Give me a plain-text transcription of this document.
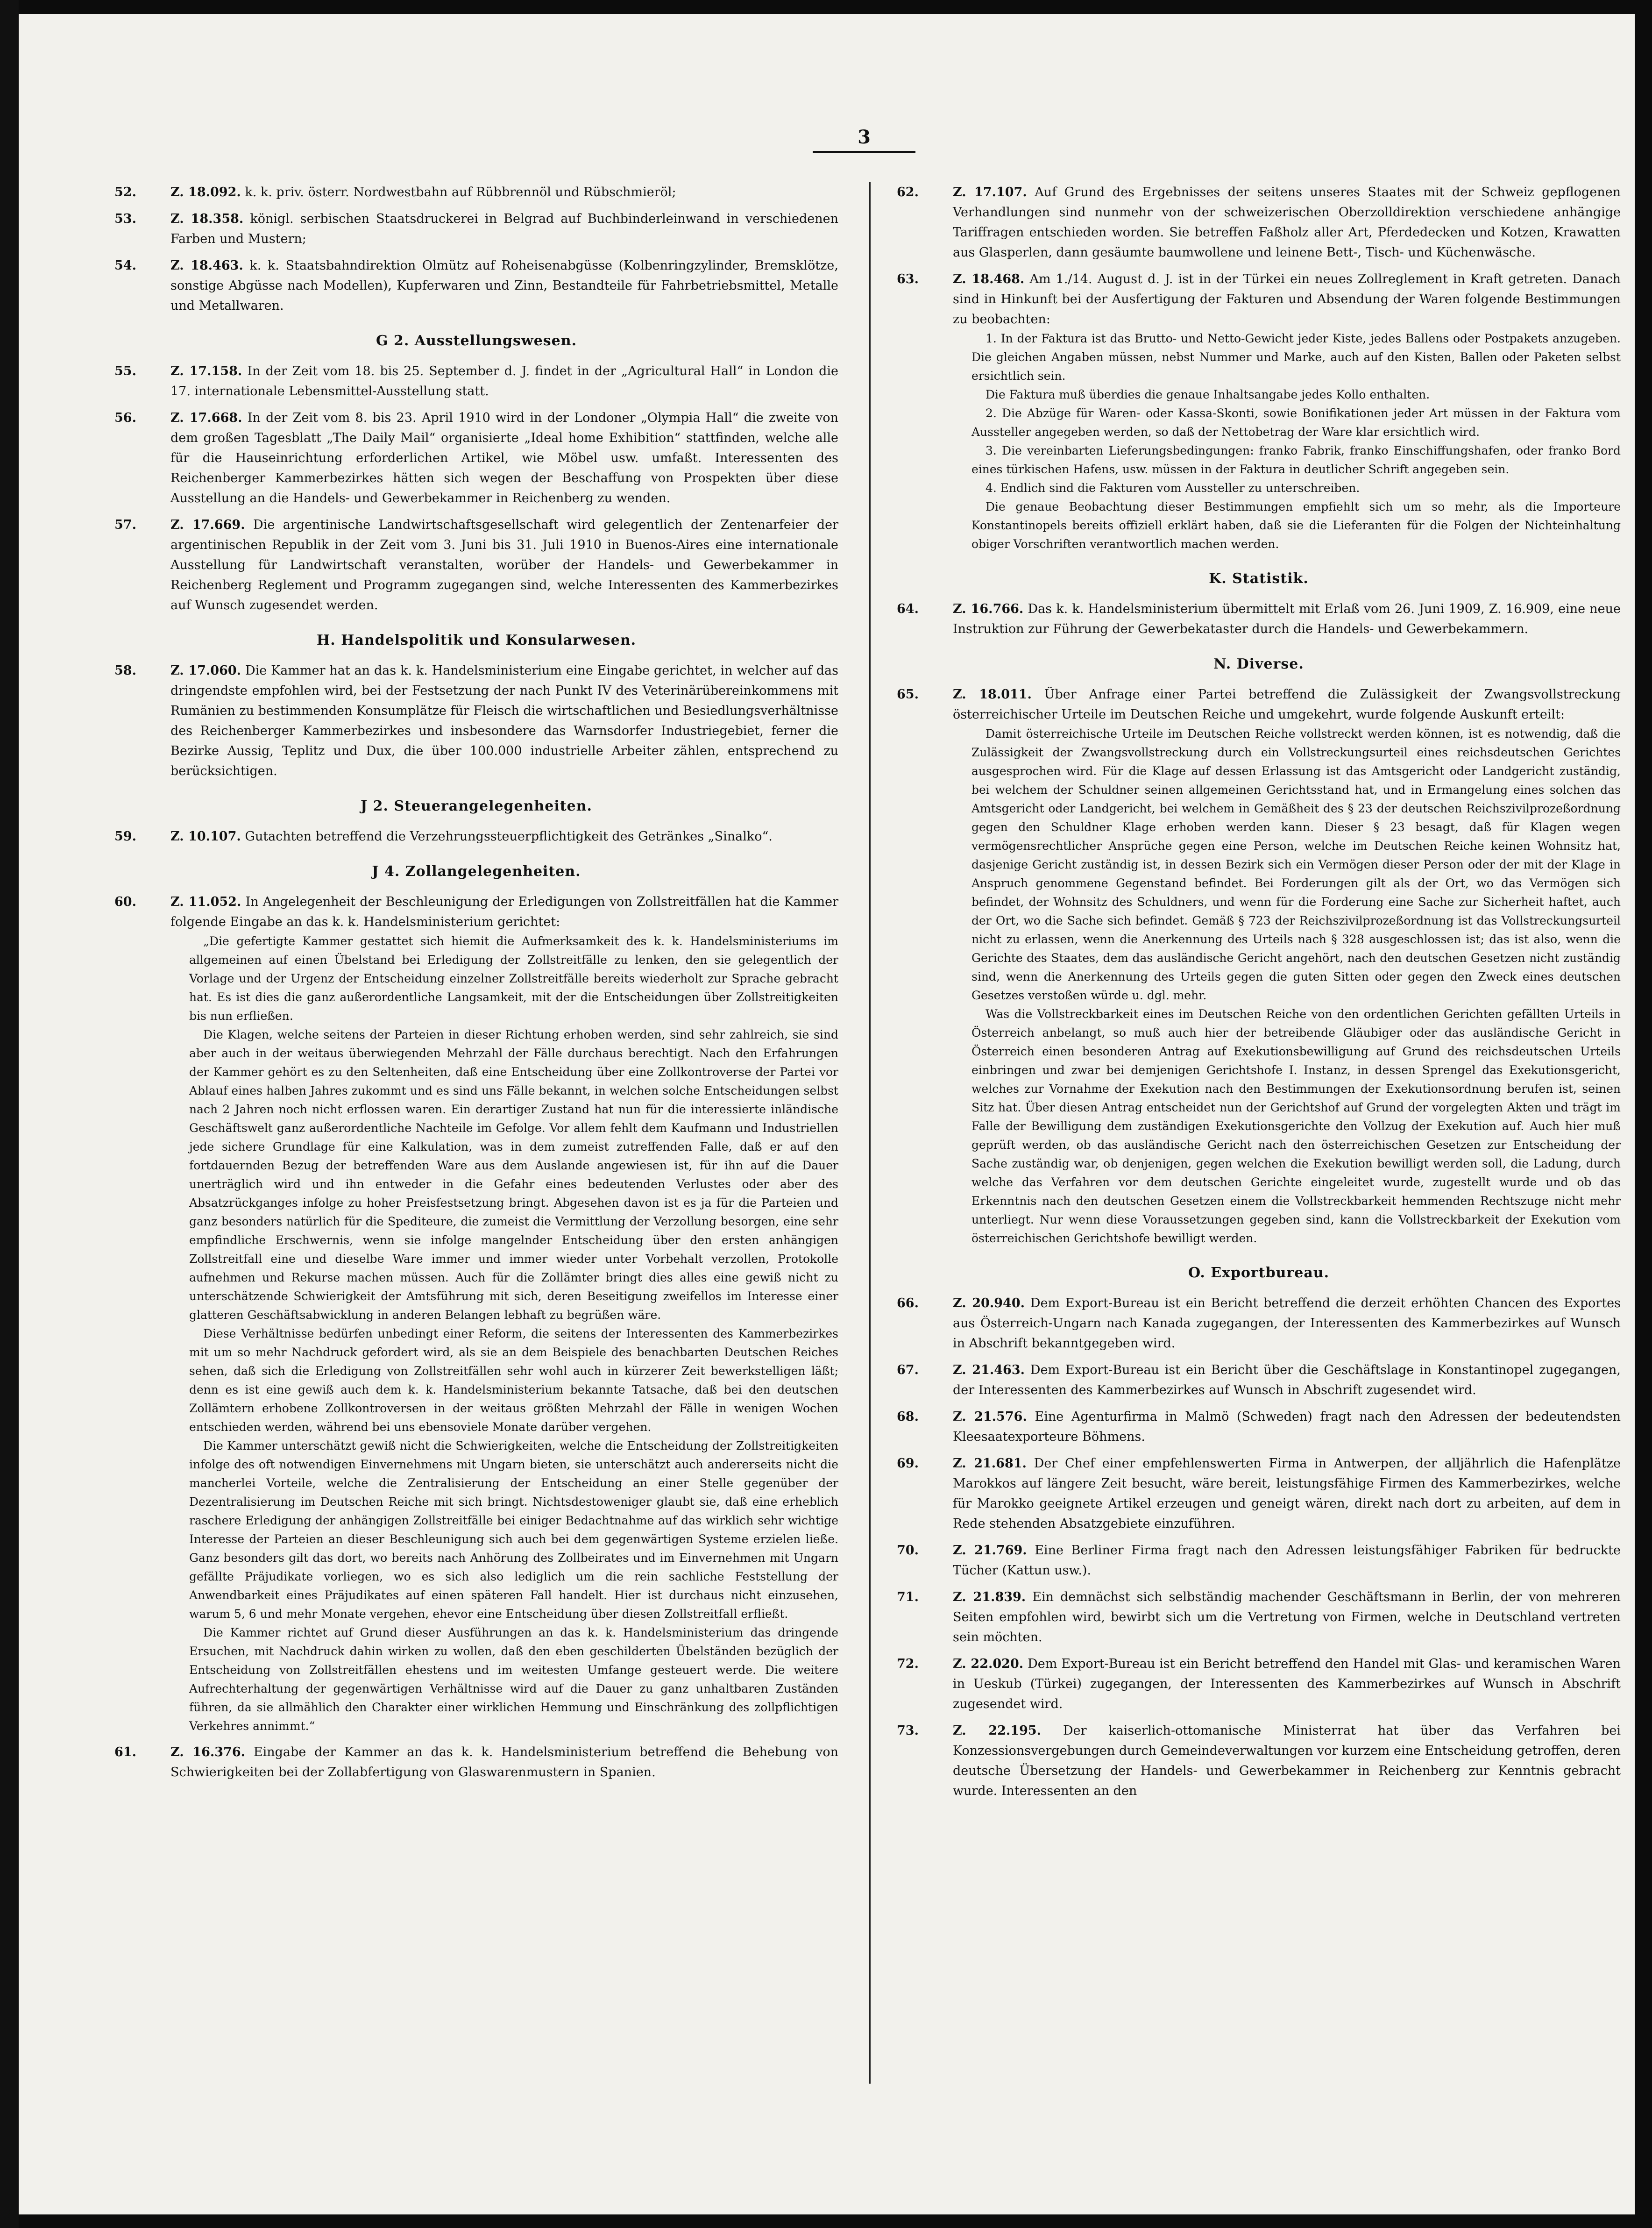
3
52.	Z. 18.092. k. k. priv. österr. Nordwestbahn auf Rübbrennöl und Rübschmieröl;

53.	Z. 18.358. königl. serbischen Staatsdruckerei in Belgrad auf Buchbinderleinwand in verschiedenen Farben und Mustern;

54.	Z. 18.463. k. k. Staatsbahndirektion Olmütz auf Roheisenabgüsse (Kolbenringzylinder, Bremsklötze, sonstige Abgüsse nach Modellen), Kupferwaren und Zinn, Bestandteile für Fahrbetriebsmittel, Metalle und Metallwaren.

G 2. Ausstellungswesen.
55.	Z. 17.158. In der Zeit vom 18. bis 25. September d. J. findet in der „Agricultural Hall“ in London die 17. internationale Lebensmittel-Ausstellung statt.

56.	Z. 17.668. In der Zeit vom 8. bis 23. April 1910 wird in der Londoner „Olympia Hall“ die zweite von dem großen Tagesblatt „The Daily Mail“ organisierte „Ideal home Exhibition“ stattfinden, welche alle für die Hauseinrichtung erforderlichen Artikel, wie Möbel usw. umfaßt. Interessenten des Reichenberger Kammerbezirkes hätten sich wegen der Beschaffung von Prospekten über diese Ausstellung an die Handels- und Gewerbekammer in Reichenberg zu wenden.

57.	Z. 17.669. Die argentinische Landwirtschaftsgesellschaft wird gelegentlich der Zentenarfeier der argentinischen Republik in der Zeit vom 3. Juni bis 31. Juli 1910 in Buenos-Aires eine internationale Ausstellung für Landwirtschaft veranstalten, worüber der Handels- und Gewerbekammer in Reichenberg Reglement und Programm zugegangen sind, welche Interessenten des Kammerbezirkes auf Wunsch zugesendet werden.

H. Handelspolitik und Konsularwesen.
58.	Z. 17.060. Die Kammer hat an das k. k. Handelsministerium eine Eingabe gerichtet, in welcher auf das dringendste empfohlen wird, bei der Festsetzung der nach Punkt IV des Veterinärübereinkommens mit Rumänien zu bestimmenden Konsumplätze für Fleisch die wirtschaftlichen und Besiedlungsverhältnisse des Reichenberger Kammerbezirkes und insbesondere das Warnsdorfer Industriegebiet, ferner die Bezirke Aussig, Teplitz und Dux, die über 100.000 industrielle Arbeiter zählen, entsprechend zu berücksichtigen.

J 2. Steuerangelegenheiten.
59.	Z. 10.107. Gutachten betreffend die Verzehrungssteuerpflichtigkeit des Getränkes „Sinalko“.

J 4. Zollangelegenheiten.
60.	Z. 11.052. In Angelegenheit der Beschleunigung der Erledigungen von Zollstreitfällen hat die Kammer folgende Eingabe an das k. k. Handelsministerium gerichtet:

„Die gefertigte Kammer gestattet sich hiemit die Aufmerksamkeit des k. k. Handelsministeriums im allgemeinen auf einen Übelstand bei Erledigung der Zollstreitfälle zu lenken, den sie gelegentlich der Vorlage und der Urgenz der Entscheidung einzelner Zollstreitfälle bereits wiederholt zur Sprache gebracht hat. Es ist dies die ganz außerordentliche Langsamkeit, mit der die Entscheidungen über Zollstreitigkeiten bis nun erfließen.

Die Klagen, welche seitens der Parteien in dieser Richtung erhoben werden, sind sehr zahlreich, sie sind aber auch in der weitaus überwiegenden Mehrzahl der Fälle durchaus berechtigt. Nach den Erfahrungen der Kammer gehört es zu den Seltenheiten, daß eine Entscheidung über eine Zollkontroverse der Partei vor Ablauf eines halben Jahres zukommt und es sind uns Fälle bekannt, in welchen solche Entscheidungen selbst nach 2 Jahren noch nicht erflossen waren. Ein derartiger Zustand hat nun für die interessierte inländische Geschäftswelt ganz außerordentliche Nachteile im Gefolge. Vor allem fehlt dem Kaufmann und Industriellen jede sichere Grundlage für eine Kalkulation, was in dem zumeist zutreffenden Falle, daß er auf den fortdauernden Bezug der betreffenden Ware aus dem Auslande angewiesen ist, für ihn auf die Dauer unerträglich wird und ihn entweder in die Gefahr eines bedeutenden Verlustes oder aber des Absatzrückganges infolge zu hoher Preisfestsetzung bringt. Abgesehen davon ist es ja für die Parteien und ganz besonders natürlich für die Spediteure, die zumeist die Vermittlung der Verzollung besorgen, eine sehr empfindliche Erschwernis, wenn sie infolge mangelnder Entscheidung über den ersten anhängigen Zollstreitfall eine und dieselbe Ware immer und immer wieder unter Vorbehalt verzollen, Protokolle aufnehmen und Rekurse machen müssen. Auch für die Zollämter bringt dies alles eine gewiß nicht zu unterschätzende Schwierigkeit der Amtsführung mit sich, deren Beseitigung zweifellos im Interesse einer glatteren Geschäftsabwicklung in anderen Belangen lebhaft zu begrüßen wäre.

Diese Verhältnisse bedürfen unbedingt einer Reform, die seitens der Interessenten des Kammerbezirkes mit um so mehr Nachdruck gefordert wird, als sie an dem Beispiele des benachbarten Deutschen Reiches sehen, daß sich die Erledigung von Zollstreitfällen sehr wohl auch in kürzerer Zeit bewerkstelligen läßt; denn es ist eine gewiß auch dem k. k. Handelsministerium bekannte Tatsache, daß bei den deutschen Zollämtern erhobene Zollkontroversen in der weitaus größten Mehrzahl der Fälle in wenigen Wochen entschieden werden, während bei uns ebensoviele Monate darüber vergehen.

Die Kammer unterschätzt gewiß nicht die Schwierigkeiten, welche die Entscheidung der Zollstreitigkeiten infolge des oft notwendigen Einvernehmens mit Ungarn bieten, sie unterschätzt auch andererseits nicht die mancherlei Vorteile, welche die Zentralisierung der Entscheidung an einer Stelle gegenüber der Dezentralisierung im Deutschen Reiche mit sich bringt. Nichtsdestoweniger glaubt sie, daß eine erheblich raschere Erledigung der anhängigen Zollstreitfälle bei einiger Bedachtnahme auf das wirklich sehr wichtige Interesse der Parteien an dieser Beschleunigung sich auch bei dem gegenwärtigen Systeme erzielen ließe. Ganz besonders gilt das dort, wo bereits nach Anhörung des Zollbeirates und im Einvernehmen mit Ungarn gefällte Präjudikate vorliegen, wo es sich also lediglich um die rein sachliche Feststellung der Anwendbarkeit eines Präjudikates auf einen späteren Fall handelt. Hier ist durchaus nicht einzusehen, warum 5, 6 und mehr Monate vergehen, ehevor eine Entscheidung über diesen Zollstreitfall erfließt.

Die Kammer richtet auf Grund dieser Ausführungen an das k. k. Handelsministerium das dringende Ersuchen, mit Nachdruck dahin wirken zu wollen, daß den eben geschilderten Übelständen bezüglich der Entscheidung von Zollstreitfällen ehestens und im weitesten Umfange gesteuert werde. Die weitere Aufrechterhaltung der gegenwärtigen Verhältnisse wird auf die Dauer zu ganz unhaltbaren Zuständen führen, da sie allmählich den Charakter einer wirklichen Hemmung und Einschränkung des zollpflichtigen Verkehres annimmt.“

61.	Z. 16.376. Eingabe der Kammer an das k. k. Handelsministerium betreffend die Behebung von Schwierigkeiten bei der Zollabfertigung von Glaswarenmustern in Spanien.

62.	Z. 17.107. Auf Grund des Ergebnisses der seitens unseres Staates mit der Schweiz gepflogenen Verhandlungen sind nunmehr von der schweizerischen Oberzolldirektion verschiedene anhängige Tariffragen entschieden worden. Sie betreffen Faßholz aller Art, Pferdedecken und Kotzen, Krawatten aus Glasperlen, dann gesäumte baumwollene und leinene Bett-, Tisch- und Küchenwäsche.

63.	Z. 18.468. Am 1./14. August d. J. ist in der Türkei ein neues Zollreglement in Kraft getreten. Danach sind in Hinkunft bei der Ausfertigung der Fakturen und Absendung der Waren folgende Bestimmungen zu beobachten:

1. In der Faktura ist das Brutto- und Netto-Gewicht jeder Kiste, jedes Ballens oder Postpakets anzugeben. Die gleichen Angaben müssen, nebst Nummer und Marke, auch auf den Kisten, Ballen oder Paketen selbst ersichtlich sein.

Die Faktura muß überdies die genaue Inhaltsangabe jedes Kollo enthalten.

2. Die Abzüge für Waren- oder Kassa-Skonti, sowie Bonifikationen jeder Art müssen in der Faktura vom Aussteller angegeben werden, so daß der Nettobetrag der Ware klar ersichtlich wird.

3. Die vereinbarten Lieferungsbedingungen: franko Fabrik, franko Einschiffungshafen, oder franko Bord eines türkischen Hafens, usw. müssen in der Faktura in deutlicher Schrift angegeben sein.

4. Endlich sind die Fakturen vom Aussteller zu unterschreiben.

Die genaue Beobachtung dieser Bestimmungen empfiehlt sich um so mehr, als die Importeure Konstantinopels bereits offiziell erklärt haben, daß sie die Lieferanten für die Folgen der Nichteinhaltung obiger Vorschriften verantwortlich machen werden.

K. Statistik.
64.	Z. 16.766. Das k. k. Handelsministerium übermittelt mit Erlaß vom 26. Juni 1909, Z. 16.909, eine neue Instruktion zur Führung der Gewerbekataster durch die Handels- und Gewerbekammern.

N. Diverse.
65.	Z. 18.011. Über Anfrage einer Partei betreffend die Zulässigkeit der Zwangsvollstreckung österreichischer Urteile im Deutschen Reiche und umgekehrt, wurde folgende Auskunft erteilt:

Damit österreichische Urteile im Deutschen Reiche vollstreckt werden können, ist es notwendig, daß die Zulässigkeit der Zwangsvollstreckung durch ein Vollstreckungsurteil eines reichsdeutschen Gerichtes ausgesprochen wird. Für die Klage auf dessen Erlassung ist das Amtsgericht oder Landgericht zuständig, bei welchem der Schuldner seinen allgemeinen Gerichtsstand hat, und in Ermangelung eines solchen das Amtsgericht oder Landgericht, bei welchem in Gemäßheit des § 23 der deutschen Reichszivilprozeßordnung gegen den Schuldner Klage erhoben werden kann. Dieser § 23 besagt, daß für Klagen wegen vermögensrechtlicher Ansprüche gegen eine Person, welche im Deutschen Reiche keinen Wohnsitz hat, dasjenige Gericht zuständig ist, in dessen Bezirk sich ein Vermögen dieser Person oder der mit der Klage in Anspruch genommene Gegenstand befindet. Bei Forderungen gilt als der Ort, wo das Vermögen sich befindet, der Wohnsitz des Schuldners, und wenn für die Forderung eine Sache zur Sicherheit haftet, auch der Ort, wo die Sache sich befindet. Gemäß § 723 der Reichszivilprozeßordnung ist das Vollstreckungsurteil nicht zu erlassen, wenn die Anerkennung des Urteils nach § 328 ausgeschlossen ist; das ist also, wenn die Gerichte des Staates, dem das ausländische Gericht angehört, nach den deutschen Gesetzen nicht zuständig sind, wenn die Anerkennung des Urteils gegen die guten Sitten oder gegen den Zweck eines deutschen Gesetzes verstoßen würde u. dgl. mehr.

Was die Vollstreckbarkeit eines im Deutschen Reiche von den ordentlichen Gerichten gefällten Urteils in Österreich anbelangt, so muß auch hier der betreibende Gläubiger oder das ausländische Gericht in Österreich einen besonderen Antrag auf Exekutionsbewilligung auf Grund des reichsdeutschen Urteils einbringen und zwar bei demjenigen Gerichtshofe I. Instanz, in dessen Sprengel das Exekutionsgericht, welches zur Vornahme der Exekution nach den Bestimmungen der Exekutionsordnung berufen ist, seinen Sitz hat. Über diesen Antrag entscheidet nun der Gerichtshof auf Grund der vorgelegten Akten und trägt im Falle der Bewilligung dem zuständigen Exekutionsgerichte den Vollzug der Exekution auf. Auch hier muß geprüft werden, ob das ausländische Gericht nach den österreichischen Gesetzen zur Entscheidung der Sache zuständig war, ob denjenigen, gegen welchen die Exekution bewilligt werden soll, die Ladung, durch welche das Verfahren vor dem deutschen Gerichte eingeleitet wurde, zugestellt wurde und ob das Erkenntnis nach den deutschen Gesetzen einem die Vollstreckbarkeit hemmenden Rechtszuge nicht mehr unterliegt. Nur wenn diese Voraussetzungen gegeben sind, kann die Vollstreckbarkeit der Exekution vom österreichischen Gerichtshofe bewilligt werden.

O. Exportbureau.
66.	Z. 20.940. Dem Export-Bureau ist ein Bericht betreffend die derzeit erhöhten Chancen des Exportes aus Österreich-Ungarn nach Kanada zugegangen, der Interessenten des Kammerbezirkes auf Wunsch in Abschrift bekanntgegeben wird.

67.	Z. 21.463. Dem Export-Bureau ist ein Bericht über die Geschäftslage in Konstantinopel zugegangen, der Interessenten des Kammerbezirkes auf Wunsch in Abschrift zugesendet wird.

68.	Z. 21.576. Eine Agenturfirma in Malmö (Schweden) fragt nach den Adressen der bedeutendsten Kleesaatexporteure Böhmens.

69.	Z. 21.681. Der Chef einer empfehlenswerten Firma in Antwerpen, der alljährlich die Hafenplätze Marokkos auf längere Zeit besucht, wäre bereit, leistungsfähige Firmen des Kammerbezirkes, welche für Marokko geeignete Artikel erzeugen und geneigt wären, direkt nach dort zu arbeiten, auf dem in Rede stehenden Absatzgebiete einzuführen.

70.	Z. 21.769. Eine Berliner Firma fragt nach den Adressen leistungsfähiger Fabriken für bedruckte Tücher (Kattun usw.).

71.	Z. 21.839. Ein demnächst sich selbständig machender Geschäftsmann in Berlin, der von mehreren Seiten empfohlen wird, bewirbt sich um die Vertretung von Firmen, welche in Deutschland vertreten sein möchten.

72.	Z. 22.020. Dem Export-Bureau ist ein Bericht betreffend den Handel mit Glas- und keramischen Waren in Ueskub (Türkei) zugegangen, der Interessenten des Kammerbezirkes auf Wunsch in Abschrift zugesendet wird.

73.	Z. 22.195. Der kaiserlich-ottomanische Ministerrat hat über das Verfahren bei Konzessionsvergebungen durch Gemeindeverwaltungen vor kurzem eine Entscheidung getroffen, deren deutsche Übersetzung der Handels- und Gewerbekammer in Reichenberg zur Kenntnis gebracht wurde. Interessenten an den
